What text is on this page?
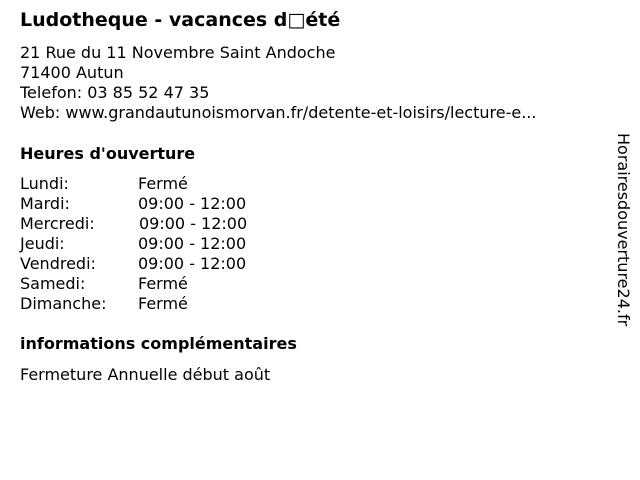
Ludotheque - vacances d□été
21 Rue du 11 Novembre Saint Andoche
71400 Autun
Telefon: 03 85 52 47 35
Web: www.grandautunoismorvan.fr/detente-et-loisirs/lecture-e...
Heures d'ouverture
Lundi:	Fermé
Mardi:	09:00 - 12:00
Mercredi:	09:00 - 12:00
Jeudi:	09:00 - 12:00
Vendredi:	09:00 - 12:00
Samedi:	Fermé
Dimanche: Fermé
informations complémentaires
Fermeture Annuelle début août
Horairesdouverture24.fr
